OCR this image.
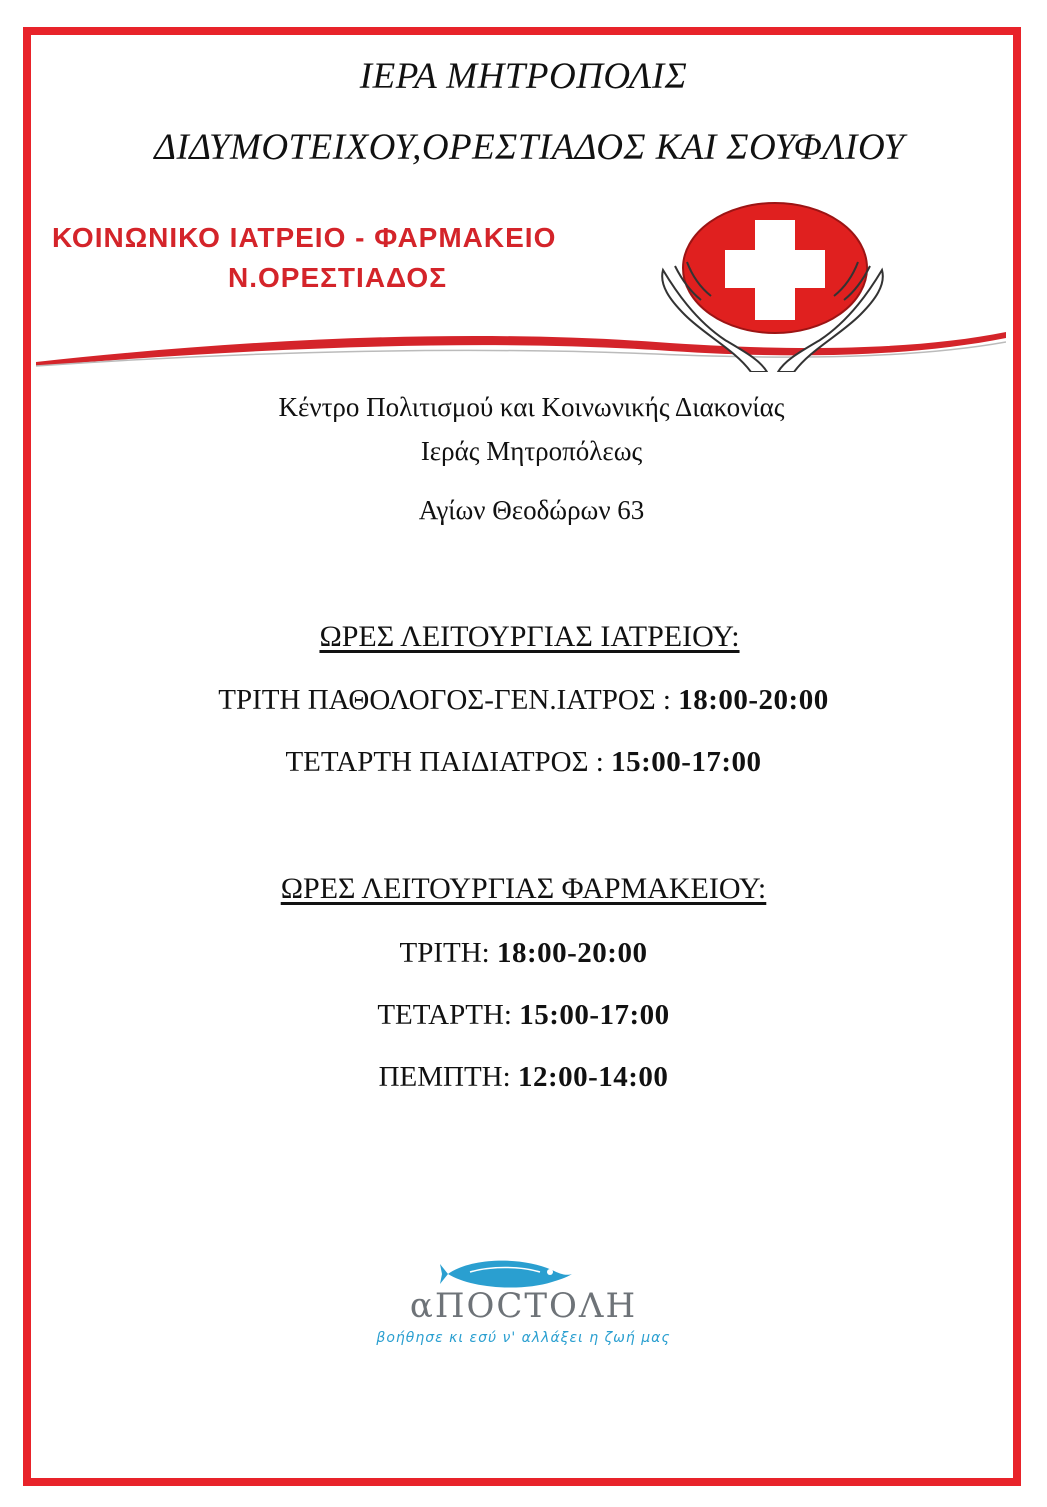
ΙΕΡΑ ΜΗΤΡΟΠΟΛΙΣ
ΔΙΔΥΜΟΤΕΙΧΟΥ,ΟΡΕΣΤΙΑΔΟΣ ΚΑΙ ΣΟΥΦΛΙΟΥ
ΚΟΙΝΩΝΙΚΟ ΙΑΤΡΕΙΟ - ΦΑΡΜΑΚΕΙΟ
Ν.ΟΡΕΣΤΙΑΔΟΣ
Κέντρο Πολιτισμού και Κοινωνικής Διακονίας
Ιεράς Μητροπόλεως
Αγίων Θεοδώρων 63
ΩΡΕΣ ΛΕΙΤΟΥΡΓΙΑΣ ΙΑΤΡΕΙΟΥ:
ΤΡΙΤΗ ΠΑΘΟΛΟΓΟΣ-ΓΕΝ.ΙΑΤΡΟΣ : 18:00-20:00
ΤΕΤΑΡΤΗ ΠΑΙΔΙΑΤΡΟΣ : 15:00-17:00
ΩΡΕΣ ΛΕΙΤΟΥΡΓΙΑΣ ΦΑΡΜΑΚΕΙΟΥ:
ΤΡΙΤΗ: 18:00-20:00
ΤΕΤΑΡΤΗ: 15:00-17:00
ΠΕΜΠΤΗ: 12:00-14:00
αΠΟCΤΟΛΗ
βοήθησε κι εσύ ν' αλλάξει η ζωή μας
